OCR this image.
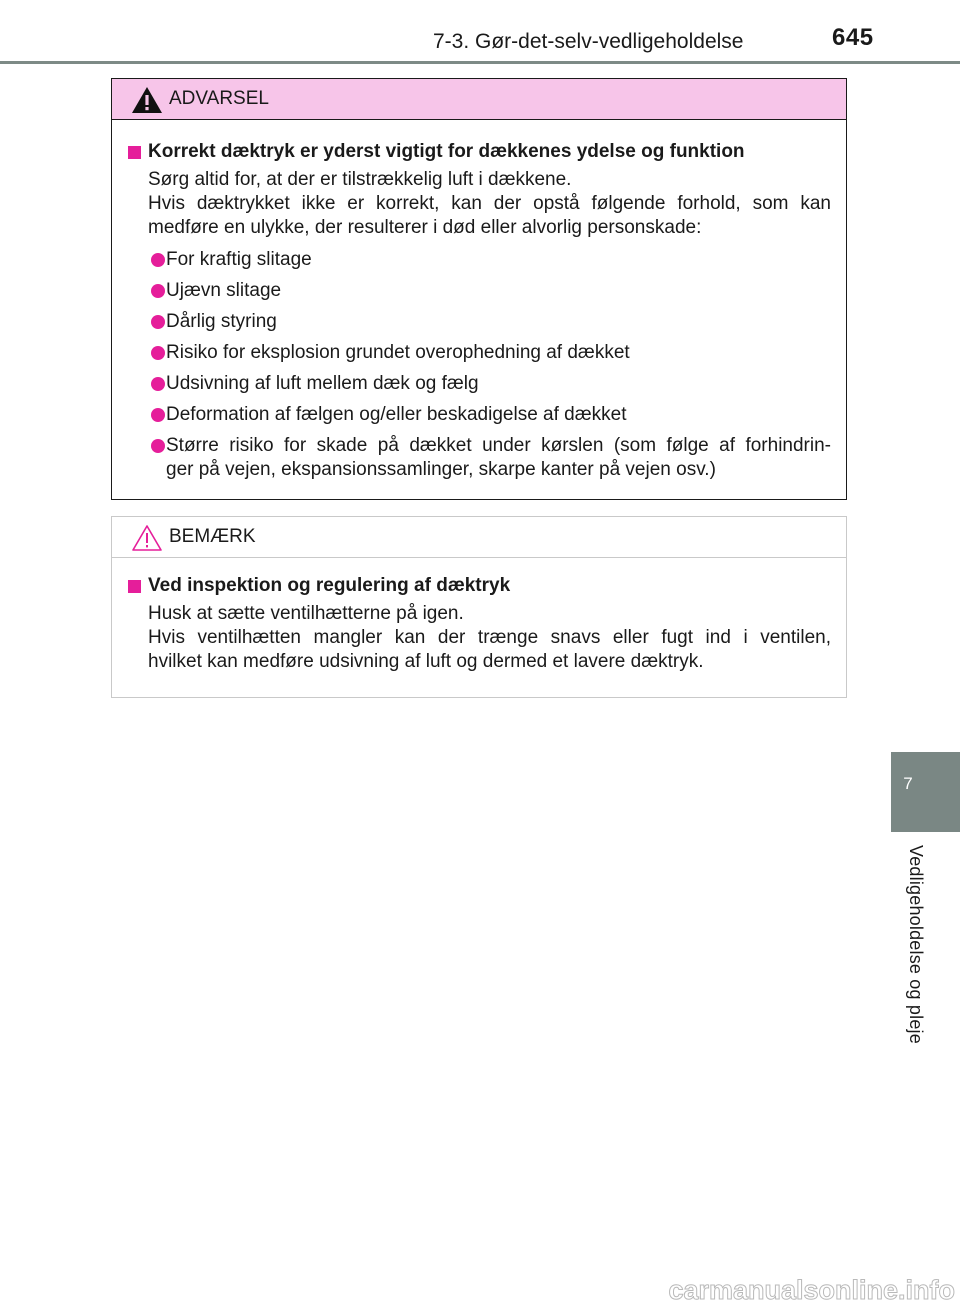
7-3. Gør-det-selv-vedligeholdelse	645
7
Vedligeholdelse og pleje
ADVARSEL
Korrekt dæktryk er yderst vigtigt for dækkenes ydelse og funktion
Sørg altid for, at der er tilstrækkelig luft i dækkene.
Hvis dæktrykket ikke er korrekt, kan der opstå følgende forhold, som kan
medføre en ulykke, der resulterer i død eller alvorlig personskade:
For kraftig slitage
Ujævn slitage
Dårlig styring
Risiko for eksplosion grundet overophedning af dækket
Udsivning af luft mellem dæk og fælg
Deformation af fælgen og/eller beskadigelse af dækket
Større risiko for skade på dækket under kørslen (som følge af forhindrin-
ger på vejen, ekspansionssamlinger, skarpe kanter på vejen osv.)
BEMÆRK
Ved inspektion og regulering af dæktryk
Husk at sætte ventilhætterne på igen.
Hvis ventilhætten mangler kan der trænge snavs eller fugt ind i ventilen,
hvilket kan medføre udsivning af luft og dermed et lavere dæktryk.
carmanualsonline.info
